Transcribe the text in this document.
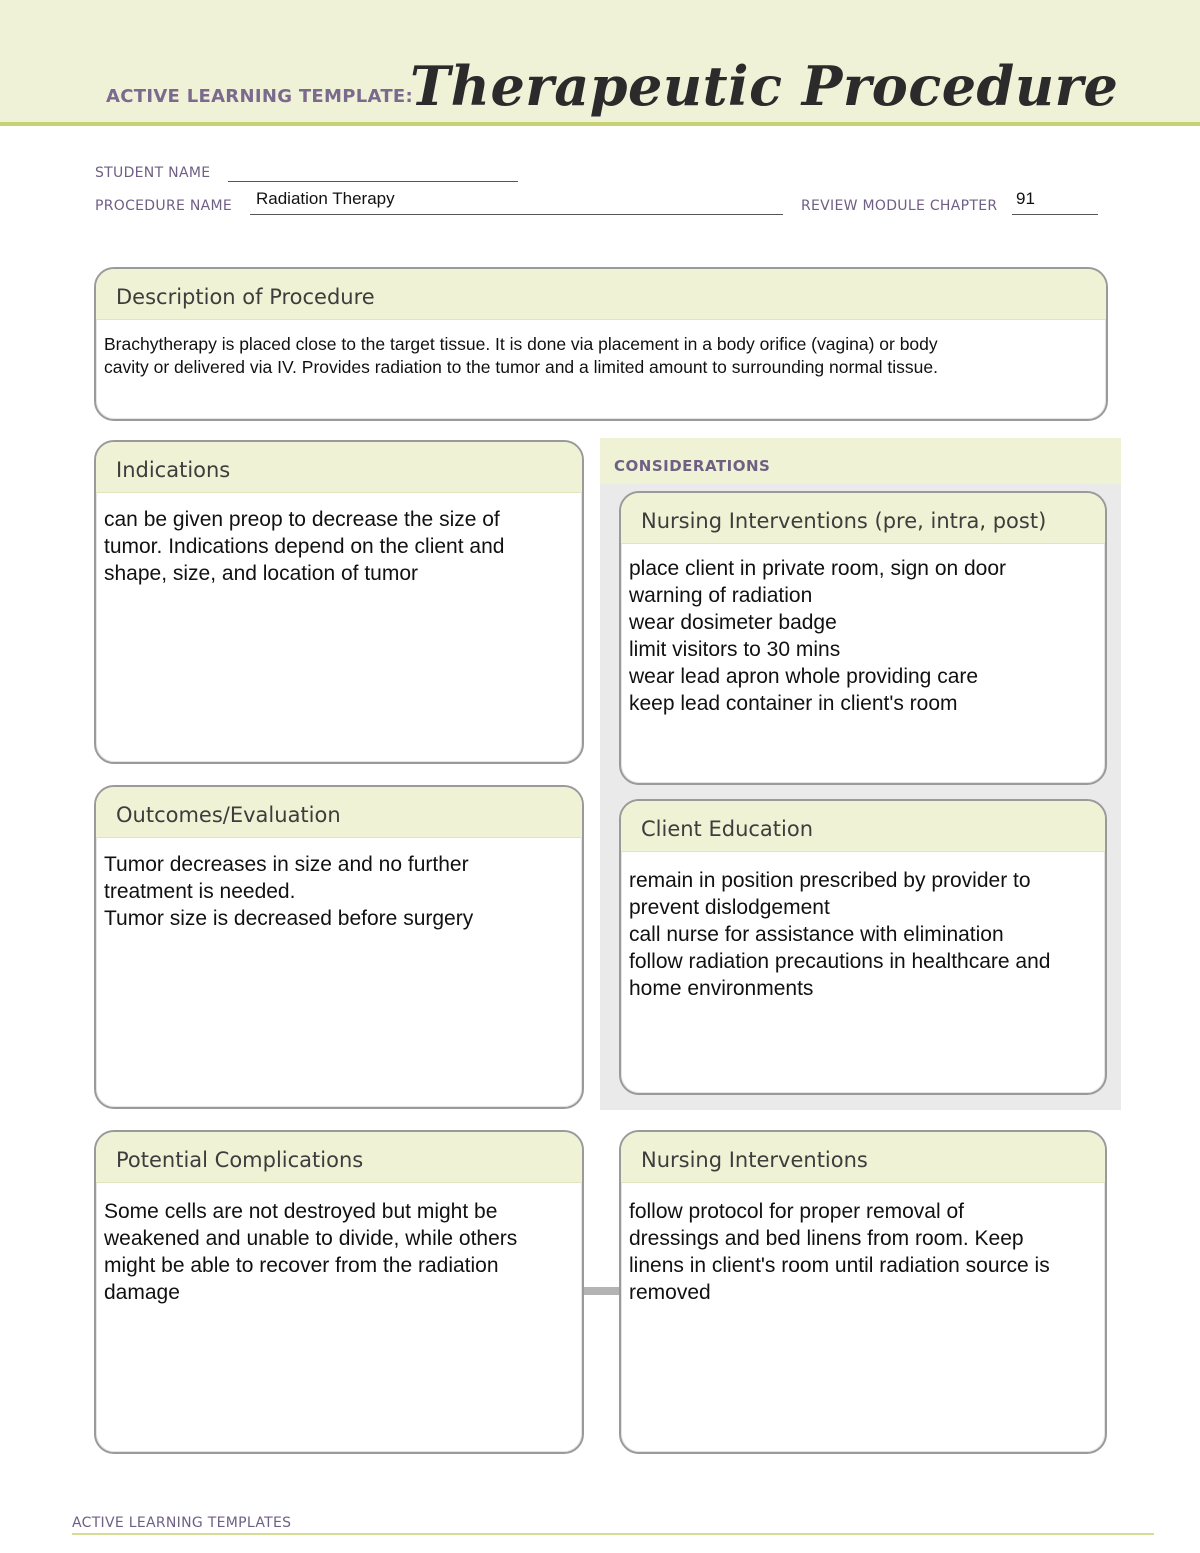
ACTIVE LEARNING TEMPLATE:
Therapeutic Procedure
STUDENT NAME
PROCEDURE NAME Radiation Therapy	REVIEW MODULE CHAPTER 91
Description of Procedure
Brachytherapy is placed close to the target tissue. It is done via placement in a body orifice (vagina) or body
cavity or delivered via IV. Provides radiation to the tumor and a limited amount to surrounding normal tissue.
Indications
can be given preop to decrease the size of
tumor. Indications depend on the client and
shape, size, and location of tumor
CONSIDERATIONS
Nursing Interventions (pre, intra, post)
place client in private room, sign on door
warning of radiation
wear dosimeter badge
limit visitors to 30 mins
wear lead apron whole providing care
keep lead container in client's room
Outcomes/Evaluation
Tumor decreases in size and no further
treatment is needed.
Tumor size is decreased before surgery
Client Education
remain in position prescribed by provider to
prevent dislodgement
call nurse for assistance with elimination
follow radiation precautions in healthcare and
home environments
Potential Complications
Some cells are not destroyed but might be
weakened and unable to divide, while others
might be able to recover from the radiation
damage
Nursing Interventions
follow protocol for proper removal of
dressings and bed linens from room. Keep
linens in client's room until radiation source is
removed
ACTIVE LEARNING TEMPLATES
